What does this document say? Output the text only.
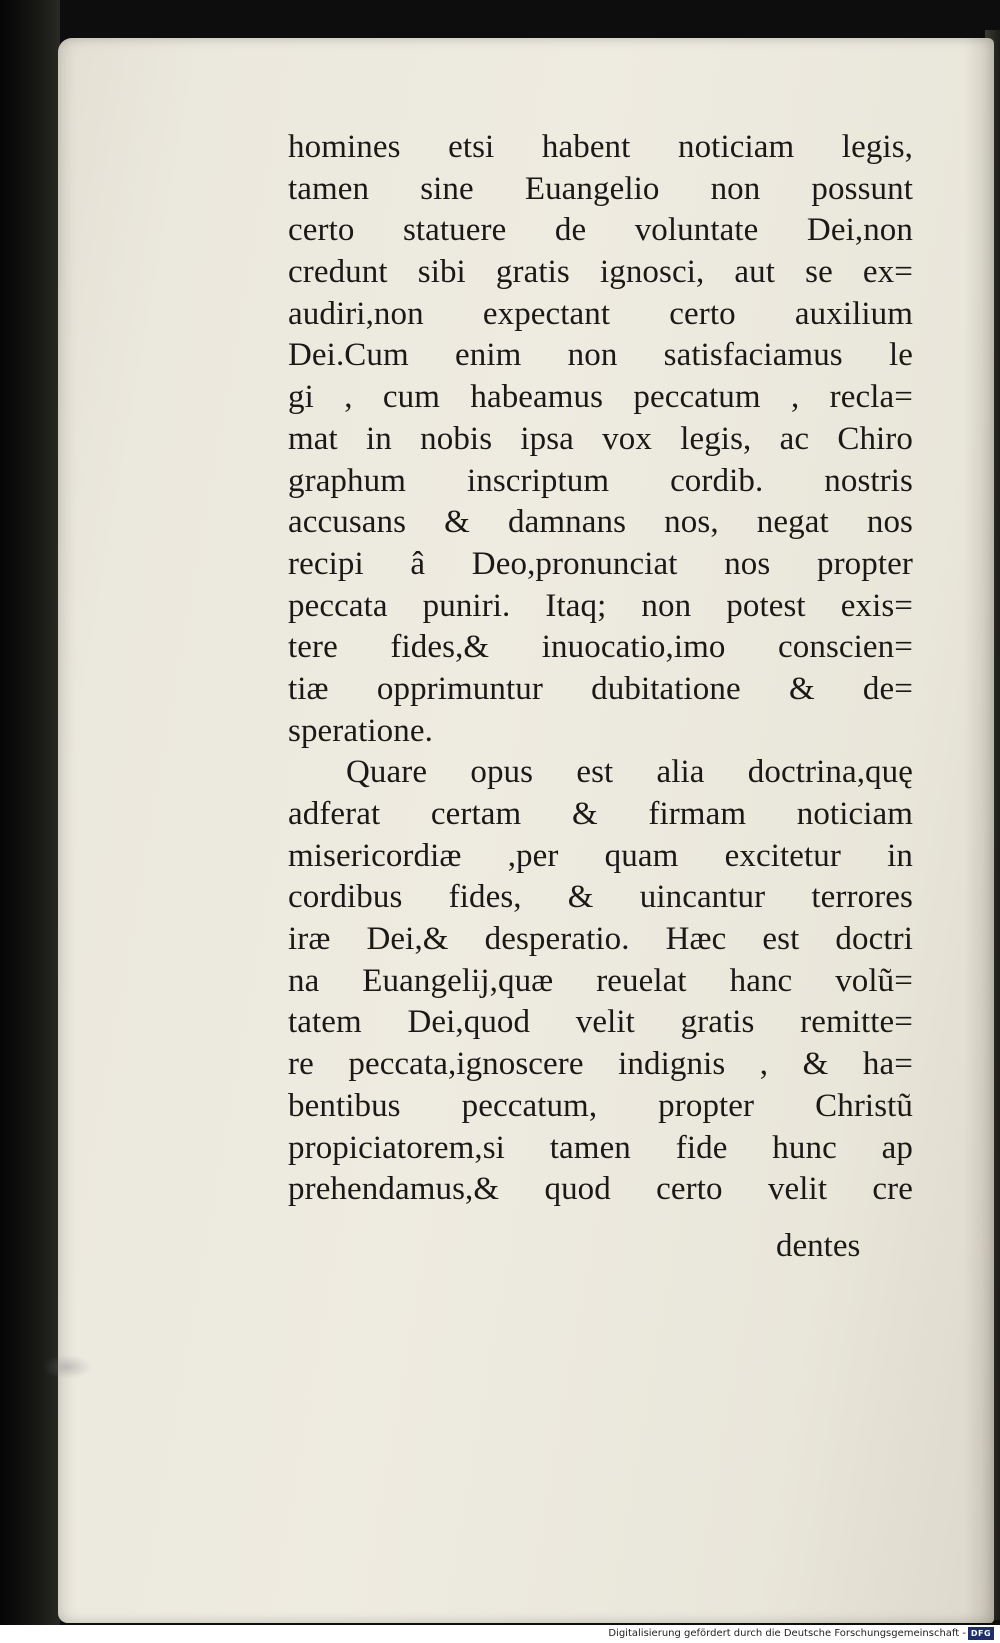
homines etsi habent noticiam legis,
tamen sine Euangelio non possunt
certo statuere de voluntate Dei,non
credunt sibi gratis ignosci, aut se ex=
audiri,non expectant certo auxilium
Dei.Cum enim non satisfaciamus le
gi , cum habeamus peccatum , recla=
mat in nobis ipsa vox legis, ac Chiro
graphum inscriptum cordib. nostris
accusans & damnans nos, negat nos
recipi â Deo,pronunciat nos propter
peccata puniri. Itaq; non potest exis=
tere fides,& inuocatio,imo conscien=
tiæ opprimuntur dubitatione & de=
speratione.
Quare opus est alia doctrina,quę
adferat certam & firmam noticiam
misericordiæ ,per quam excitetur in
cordibus fides, & uincantur terrores
iræ Dei,& desperatio. Hæc est doctri
na Euangelij,quæ reuelat hanc volũ=
tatem Dei,quod velit gratis remitte=
re peccata,ignoscere indignis , & ha=
bentibus peccatum, propter Christũ
propiciatorem,si tamen fide hunc ap
prehendamus,& quod certo velit cre
dentes
Digitalisierung gefördert durch die Deutsche Forschungsgemeinschaft - DFG
